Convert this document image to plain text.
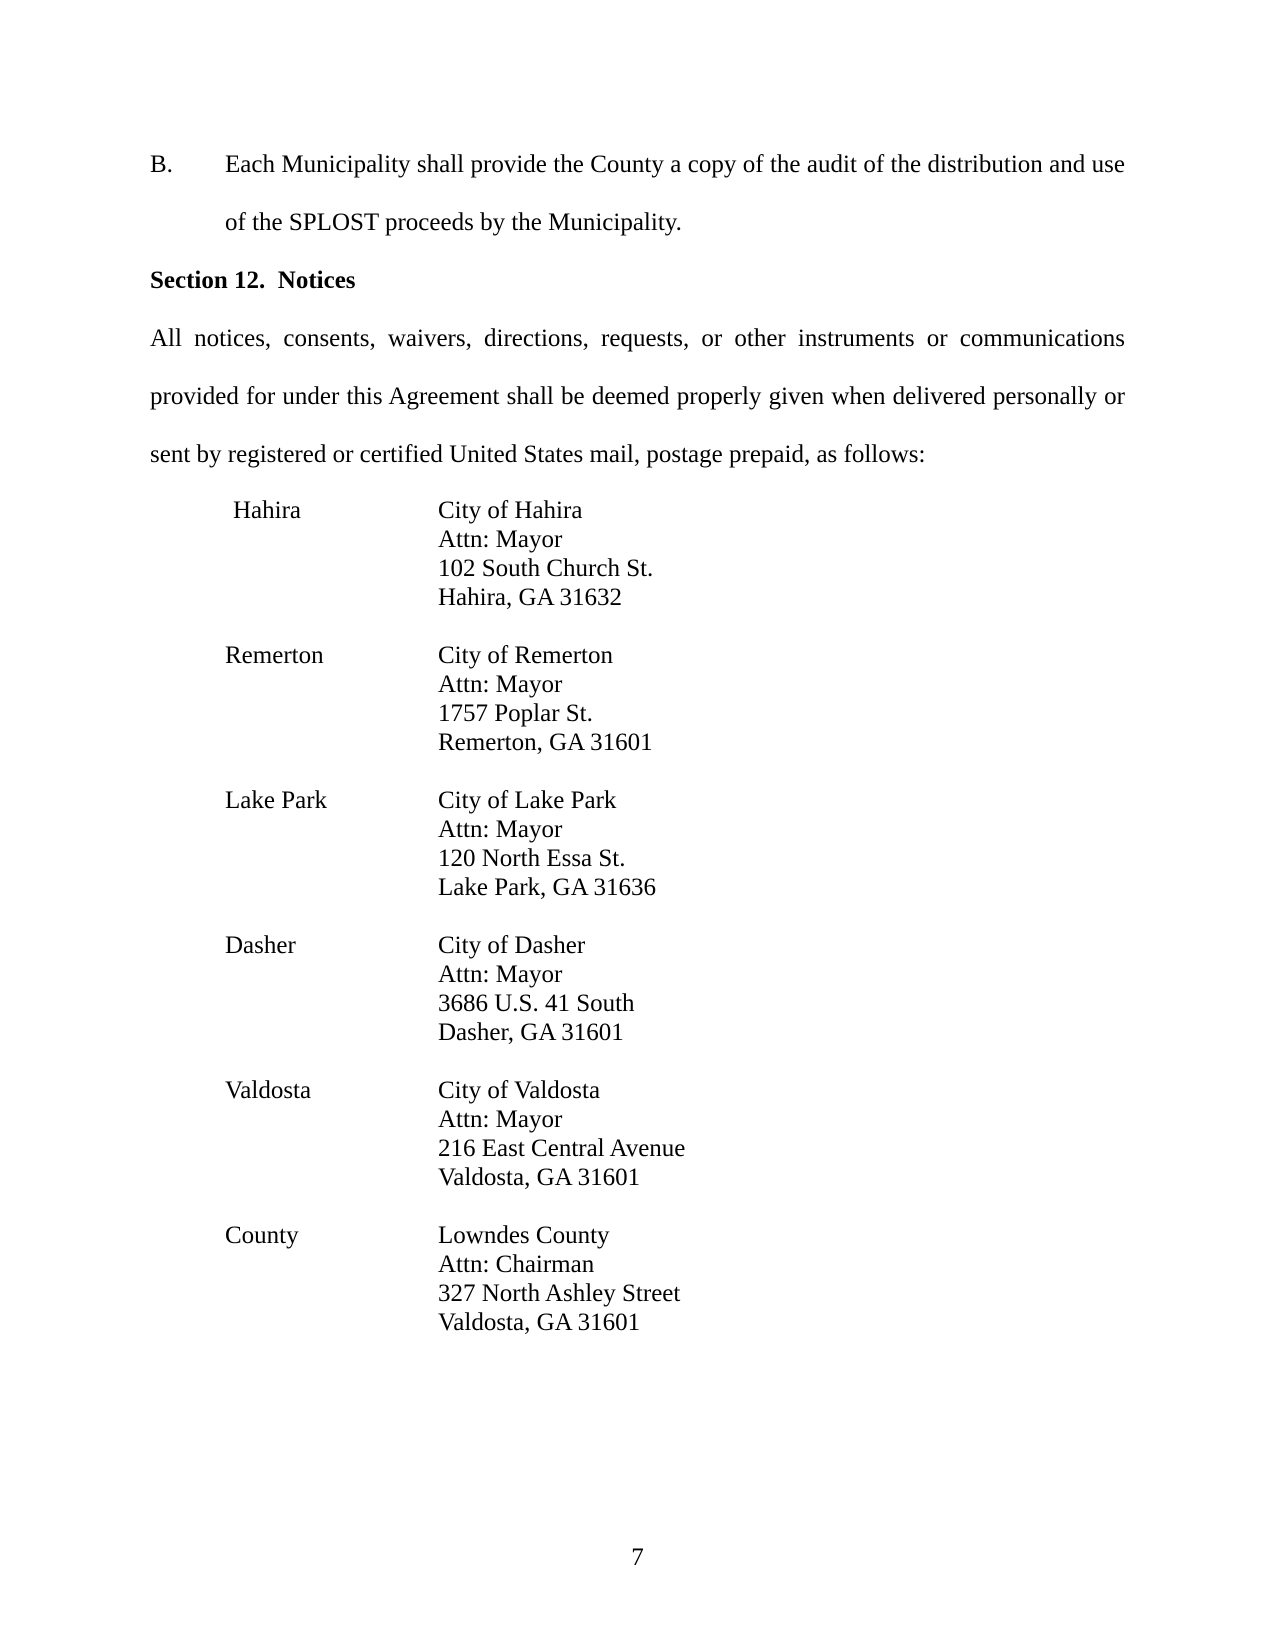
B.	Each Municipality shall provide the County a copy of the audit of the distribution and use of the SPLOST proceeds by the Municipality.
Section 12.  Notices
All notices, consents, waivers, directions, requests, or other instruments or communications provided for under this Agreement shall be deemed properly given when delivered personally or sent by registered or certified United States mail, postage prepaid, as follows:
Hahira	City of Hahira
Attn: Mayor
102 South Church St.
Hahira, GA 31632
Remerton	City of Remerton
Attn: Mayor
1757 Poplar St.
Remerton, GA 31601
Lake Park	City of Lake Park
Attn: Mayor
120 North Essa St.
Lake Park, GA 31636
Dasher	City of Dasher
Attn: Mayor
3686 U.S. 41 South
Dasher, GA 31601
Valdosta	City of Valdosta
Attn: Mayor
216 East Central Avenue
Valdosta, GA 31601
County	Lowndes County
Attn: Chairman
327 North Ashley Street
Valdosta, GA 31601
7
